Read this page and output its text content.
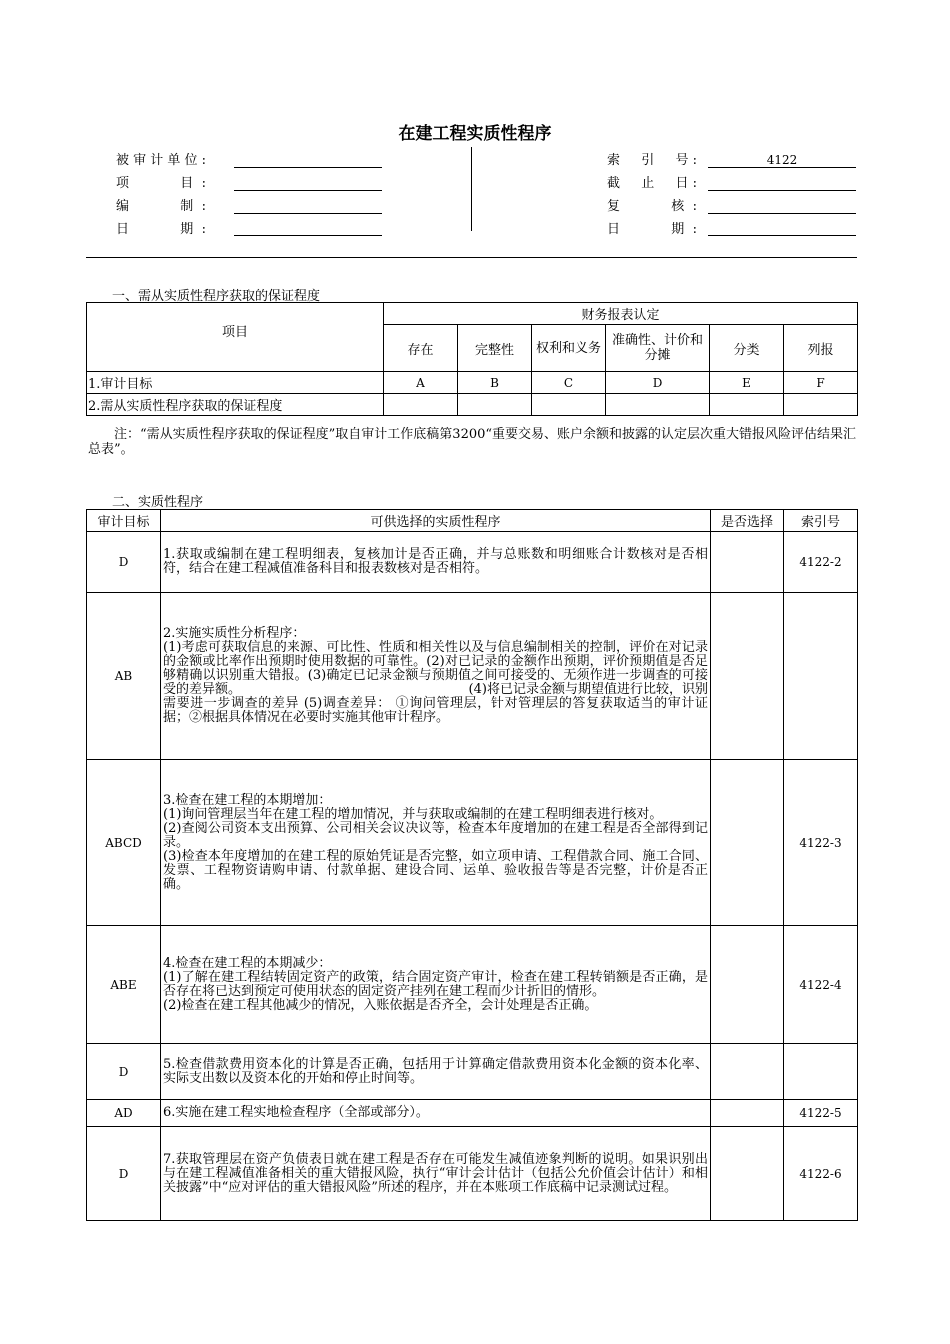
在建工程实质性程序
被审计单位:
项　　目:
编　　制:
日　　期:
索　引　号:	4122
截　止　日:
复　　核:
日　　期:
一、需从实质性程序获取的保证程度
项目	财务报表认定					
	存在	完整性	权利和义务	准确性、计价和分摊	分类	列报
1.审计目标	A	B	C	D	E	F
2.需从实质性程序获取的保证程度						
注：“需从实质性程序获取的保证程度”取自审计工作底稿第3200“重要交易、账户余额和披露的认定层次重大错报风险评估结果汇总表”。
二、实质性程序
审计目标	可供选择的实质性程序	是否选择	索引号
D	1.获取或编制在建工程明细表，复核加计是否正确，并与总账数和明细账合计数核对是否相符，结合在建工程减值准备科目和报表数核对是否相符。		4122-2
AB	2.实施实质性分析程序：
(1)考虑可获取信息的来源、可比性、性质和相关性以及与信息编制相关的控制，评价在对记录的金额或比率作出预期时使用数据的可靠性。(2)对已记录的金额作出预期，评价预期值是否足够精确以识别重大错报。(3)确定已记录金额与预期值之间可接受的、无须作进一步调查的可接受的差异额。　　　　　　　　　　　　　　　　　　(4)将已记录金额与期望值进行比较，识别需要进一步调查的差异 (5)调查差异： ①询问管理层，针对管理层的答复获取适当的审计证据；②根据具体情况在必要时实施其他审计程序。		

ABCD	3.检查在建工程的本期增加：
(1)询问管理层当年在建工程的增加情况，并与获取或编制的在建工程明细表进行核对。
(2)查阅公司资本支出预算、公司相关会议决议等，检查本年度增加的在建工程是否全部得到记录。
(3)检查本年度增加的在建工程的原始凭证是否完整，如立项申请、工程借款合同、施工合同、发票、工程物资请购申请、付款单据、建设合同、运单、验收报告等是否完整，计价是否正确。		4122-3
ABE	4.检查在建工程的本期减少：
(1)了解在建工程结转固定资产的政策，结合固定资产审计，检查在建工程转销额是否正确，是否存在将已达到预定可使用状态的固定资产挂列在建工程而少计折旧的情形。
(2)检查在建工程其他减少的情况，入账依据是否齐全，会计处理是否正确。		4122-4
D	5.检查借款费用资本化的计算是否正确，包括用于计算确定借款费用资本化金额的资本化率、实际支出数以及资本化的开始和停止时间等。		

AD	6.实施在建工程实地检查程序（全部或部分）。		4122-5
D	7.获取管理层在资产负债表日就在建工程是否存在可能发生减值迹象判断的说明。如果识别出与在建工程减值准备相关的重大错报风险，执行“审计会计估计（包括公允价值会计估计）和相关披露”中“应对评估的重大错报风险”所述的程序，并在本账项工作底稿中记录测试过程。		4122-6
